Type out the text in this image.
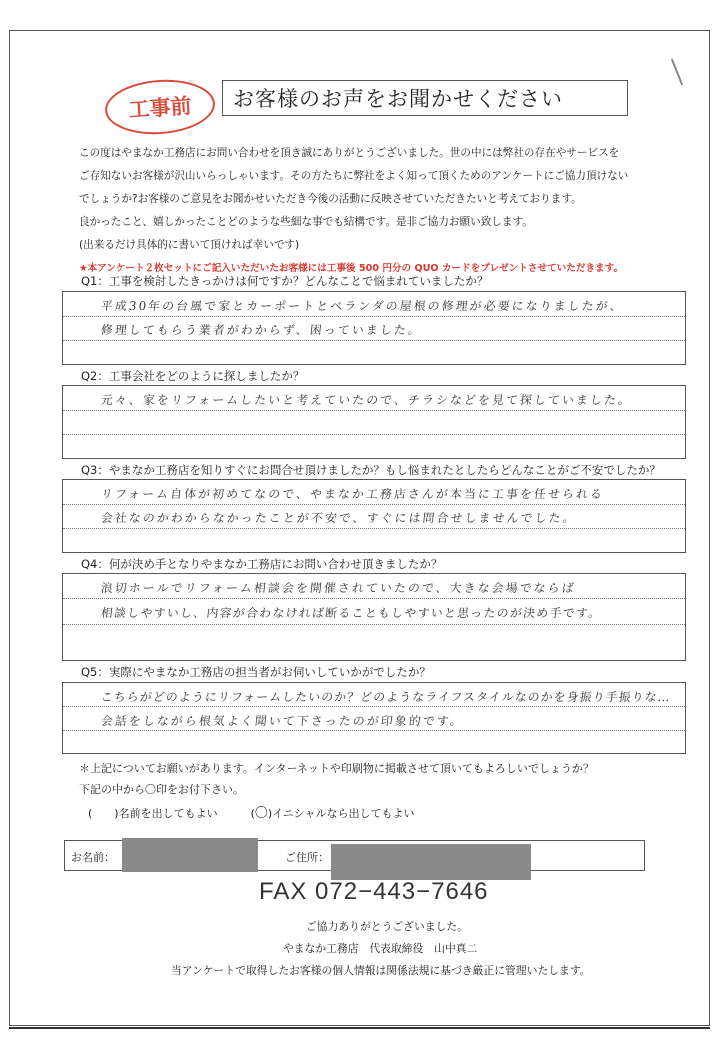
工事前 お客様のお声をお聞かせください
この度はやまなか工務店にお問い合わせを頂き誠にありがとうございました。世の中には弊社の存在やサービスを
ご存知ないお客様が沢山いらっしゃいます。その方たちに弊社をよく知って頂くためのアンケートにご協力頂けない
でしょうか?お客様のご意見をお聞かせいただき今後の活動に反映させていただきたいと考えております。
良かったこと、嬉しかったことどのような些細な事でも結構です。是非ご協力お願い致します。
(出来るだけ具体的に書いて頂ければ幸いです)
★本アンケート２枚セットにご記入いただいたお客様には工事後 500 円分の QUO カードをプレゼントさせていただきます。
Q1：工事を検討したきっかけは何ですか？どんなことで悩まれていましたか？
平成30年の台風で家とカーポートとベランダの屋根の修理が必要になりましたが、
修理してもらう業者がわからず、困っていました。
Q2：工事会社をどのように探しましたか？
元々、家をリフォームしたいと考えていたので、チラシなどを見て探していました。
Q3：やまなか工務店を知りすぐにお問合せ頂けましたか？もし悩まれたとしたらどんなことがご不安でしたか？
リフォーム自体が初めてなので、やまなか工務店さんが本当に工事を任せられる
会社なのかわからなかったことが不安で、すぐには問合せしませんでした。
Q4：何が決め手となりやまなか工務店にお問い合わせ頂きましたか？
浪切ホールでリフォーム相談会を開催されていたので、大きな会場でならば
相談しやすいし、内容が合わなければ断ることもしやすいと思ったのが決め手です。
Q5：実際にやまなか工務店の担当者がお伺いしていかがでしたか？
こちらがどのようにリフォームしたいのか？どのようなライフスタイルなのかを身振り手振りな…
会話をしながら根気よく聞いて下さったのが印象的です。
＊上記についてお願いがあります。インターネットや印刷物に掲載させて頂いてもよろしいでしょうか？
下記の中から〇印をお付下さい。
(　　)名前を出してもよい　　　(〇)イニシャルなら出してもよい
お名前：	ご住所：
FAX 072−443−7646
ご協力ありがとうございました。
やまなか工務店　代表取締役　山中真二
当アンケートで取得したお客様の個人情報は関係法規に基づき厳正に管理いたします。
